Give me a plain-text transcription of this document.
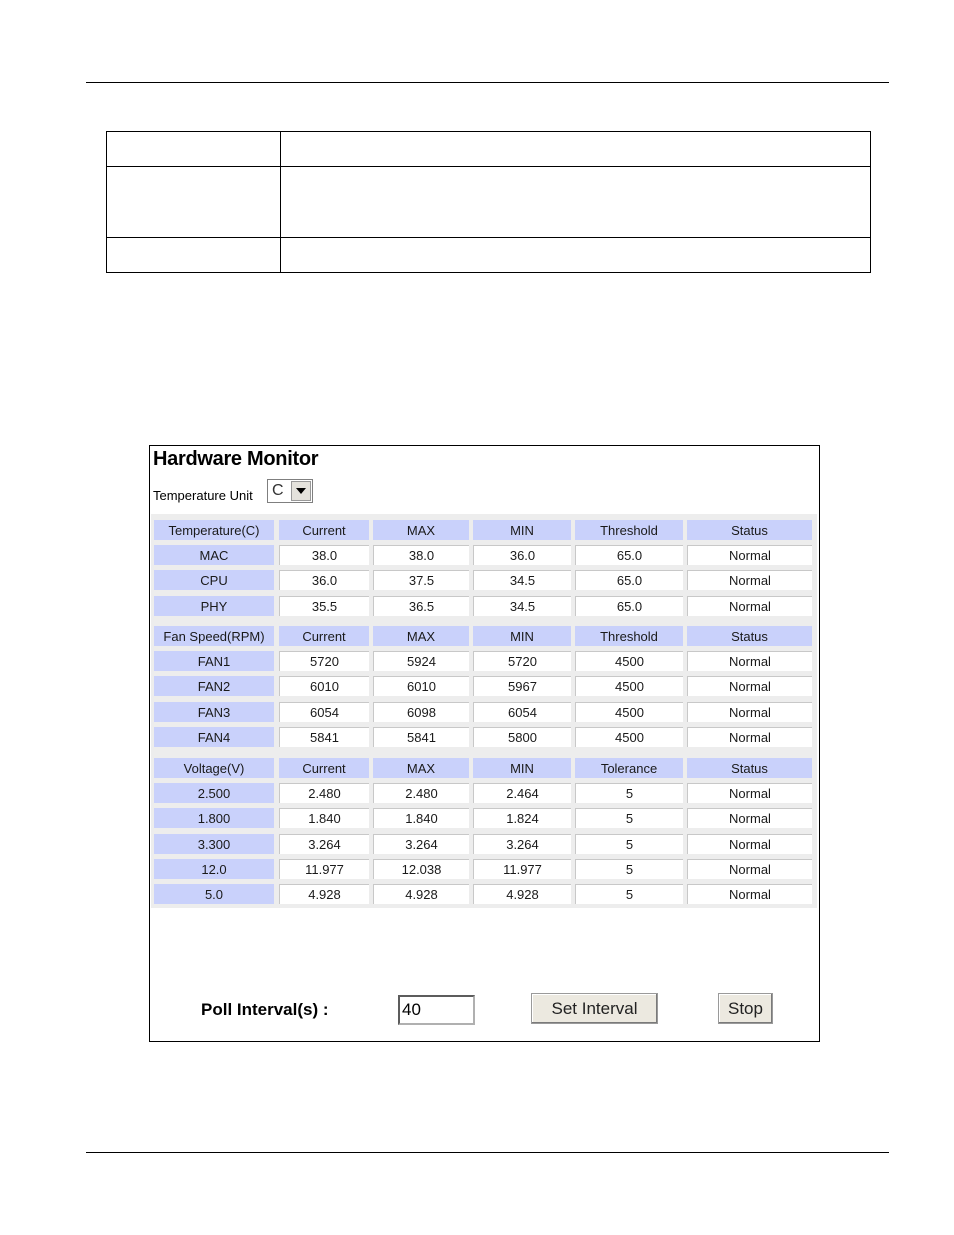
Hardware Monitor
Temperature Unit C
Temperature(C)	Current	MAX	MIN	Threshold	Status
MAC	38.0	38.0	36.0	65.0	Normal
CPU	36.0	37.5	34.5	65.0	Normal
PHY	35.5	36.5	34.5	65.0	Normal
Fan Speed(RPM)	Current	MAX	MIN	Threshold	Status
FAN1	5720	5924	5720	4500	Normal
FAN2	6010	6010	5967	4500	Normal
FAN3	6054	6098	6054	4500	Normal
FAN4	5841	5841	5800	4500	Normal
Voltage(V)	Current	MAX	MIN	Tolerance	Status
2.500	2.480	2.480	2.464	5	Normal
1.800	1.840	1.840	1.824	5	Normal
3.300	3.264	3.264	3.264	5	Normal
12.0	11.977	12.038	11.977	5	Normal
5.0	4.928	4.928	4.928	5	Normal
Poll Interval(s) :
40	Set Interval	Stop
